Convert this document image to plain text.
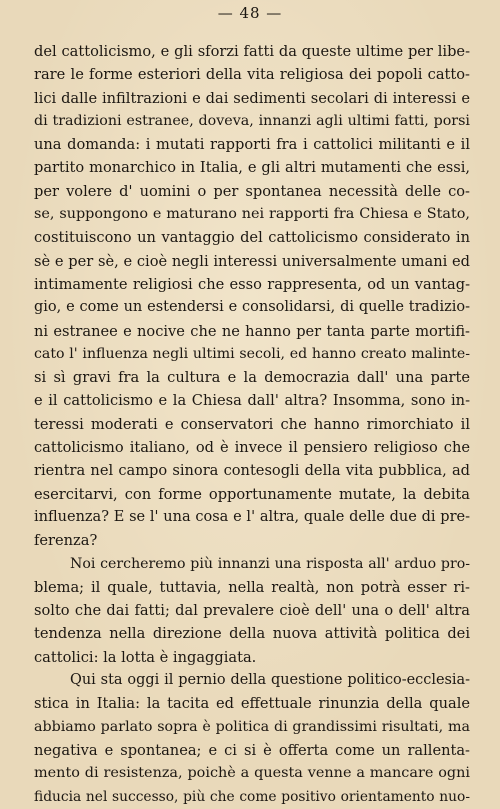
— 48 —
del cattolicismo, e gli sforzi fatti da queste ultime per libe-
rare le forme esteriori della vita religiosa dei popoli catto-
lici dalle infiltrazioni e dai sedimenti secolari di interessi e
di tradizioni estranee, doveva, innanzi agli ultimi fatti, porsi
una domanda: i mutati rapporti fra i cattolici militanti e il
partito monarchico in Italia, e gli altri mutamenti che essi,
per volere d' uomini o per spontanea necessità delle co-
se, suppongono e maturano nei rapporti fra Chiesa e Stato,
costituiscono un vantaggio del cattolicismo considerato in
sè e per sè, e cioè negli interessi universalmente umani ed
intimamente religiosi che esso rappresenta, od un vantag-
gio, e come un estendersi e consolidarsi, di quelle tradizio-
ni estranee e nocive che ne hanno per tanta parte mortifi-
cato l' influenza negli ultimi secoli, ed hanno creato malinte-
si sì gravi fra la cultura e la democrazia dall' una parte
e il cattolicismo e la Chiesa dall' altra? Insomma, sono in-
teressi moderati e conservatori che hanno rimorchiato il
cattolicismo italiano, od è invece il pensiero religioso che
rientra nel campo sinora contesogli della vita pubblica, ad
esercitarvi, con forme opportunamente mutate, la debita
influenza? E se l' una cosa e l' altra, quale delle due di pre-
ferenza?
Noi cercheremo più innanzi una risposta all' arduo pro-
blema; il quale, tuttavia, nella realtà, non potrà esser ri-
solto che dai fatti; dal prevalere cioè dell' una o dell' altra
tendenza nella direzione della nuova attività politica dei
cattolici: la lotta è ingaggiata.
Qui sta oggi il pernio della questione politico-ecclesia-
stica in Italia: la tacita ed effettuale rinunzia della quale
abbiamo parlato sopra è politica di grandissimi risultati, ma
negativa e spontanea; e ci si è offerta come un rallenta-
mento di resistenza, poichè a questa venne a mancare ogni
fiducia nel successo, più che come positivo orientamento nuo-
